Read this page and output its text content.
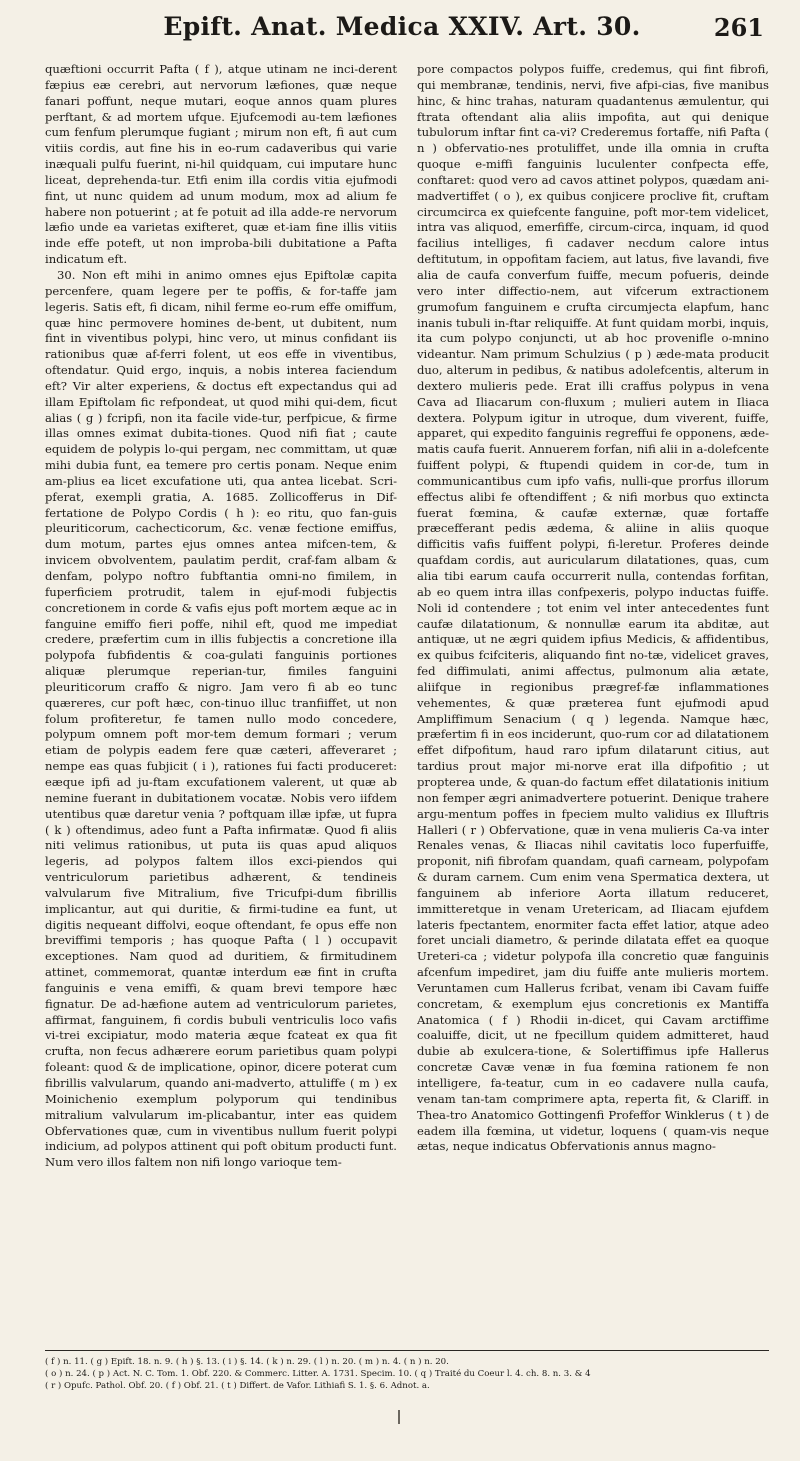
Epift. Anat. Medica XXIV. Art. 30.	261

quæftioni occurrit Pafta ( f ), atque utinam ne inci-derent fæpius eæ cerebri, aut nervorum læfiones, quæ neque fanari poffunt, neque mutari, eoque annos quam plures perftant, & ad mortem ufque. Ejufcemodi au-tem læfiones cum fenfum plerumque fugiant ; mirum non eft, fi aut cum vitiis cordis, aut fine his in eo-rum cadaveribus qui varie inæquali pulfu fuerint, ni-hil quidquam, cui imputare hunc liceat, deprehenda-tur. Etfi enim illa cordis vitia ejufmodi fint, ut nunc quidem ad unum modum, mox ad alium fe habere non potuerint ; at fe potuit ad illa adde-re nervorum læfio unde ea varietas exifteret, quæ et-iam fine illis vitiis inde effe poteft, ut non improba-bili dubitatione a Pafta indicatum eft.

30. Non eft mihi in animo omnes ejus Epiftolæ capita percenfere, quam legere per te poffis, & for-taffe jam legeris. Satis eft, fi dicam, nihil ferme eo-rum effe omiffum, quæ hinc permovere homines de-bent, ut dubitent, num fint in viventibus polypi, hinc vero, ut minus confidant iis rationibus quæ af-ferri folent, ut eos effe in viventibus, oftendatur. Quid ergo, inquis, a nobis interea faciendum eft? Vir alter experiens, & doctus eft expectandus qui ad illam Epiftolam fic refpondeat, ut quod mihi qui-dem, ficut alias ( g ) fcripfi, non ita facile vide-tur, perfpicue, & firme illas omnes eximat dubita-tiones. Quod nifi fiat ; caute equidem de polypis lo-qui pergam, nec committam, ut quæ mihi dubia funt, ea temere pro certis ponam. Neque enim am-plius ea licet excufatione uti, qua antea licebat. Scri-pferat, exempli gratia, A. 1685. Zollicofferus in Dif-fertatione de Polypo Cordis ( h ): eo ritu, quo fan-guis pleuriticorum, cachecticorum, &c. venæ fectione emiffus, dum motum, partes ejus omnes antea mifcen-tem, & invicem obvolventem, paulatim perdit, craf-fam albam & denfam, polypo noftro fubftantia omni-no fimilem, in fuperficiem protrudit, talem in ejuf-modi fubjectis concretionem in corde & vafis ejus poft mortem æque ac in fanguine emiffo fieri poffe, nihil eft, quod me impediat credere, præfertim cum in illis fubjectis a concretione illa polypofa fubfidentis & coa-gulati fanguinis portiones aliquæ plerumque reperian-tur, fimiles fanguini pleuriticorum craffo & nigro. Jam vero fi ab eo tunc quæreres, cur poft hæc, con-tinuo illuc tranfiiffet, ut non folum profiteretur, fe tamen nullo modo concedere, polypum omnem poft mor-tem demum formari ; verum etiam de polypis eadem fere quæ cæteri, affeveraret ; nempe eas quas fubjicit ( i ), rationes fui facti produceret: eæque ipfi ad ju-ftam excufationem valerent, ut quæ ab nemine fuerant in dubitationem vocatæ. Nobis vero iifdem utentibus quæ daretur venia ? poftquam illæ ipfæ, ut fupra ( k ) oftendimus, adeo funt a Pafta infirmatæ. Quod fi aliis niti velimus rationibus, ut puta iis quas apud aliquos legeris, ad polypos faltem illos exci-piendos qui ventriculorum parietibus adhærent, & tendineis valvularum five Mitralium, five Tricufpi-dum fibrillis implicantur, aut qui duritie, & firmi-tudine ea funt, ut digitis nequeant diffolvi, eoque oftendant, fe opus effe non breviffimi temporis ; has quoque Pafta ( l ) occupavit exceptiones. Nam quod ad duritiem, & firmitudinem attinet, commemorat, quantæ interdum eæ fint in crufta fanguinis e vena emiffi, & quam brevi tempore hæc fignatur. De ad-hæfione autem ad ventriculorum parietes, affirmat, fanguinem, fi cordis bubuli ventriculis loco vafis vi-trei excipiatur, modo materia æque fcateat ex qua fit crufta, non fecus adhærere eorum parietibus quam polypi foleant: quod & de implicatione, opinor, dicere poterat cum fibrillis valvularum, quando ani-madverto, attuliffe ( m ) ex Moinichenio exemplum polyporum qui tendinibus mitralium valvularum im-plicabantur, inter eas quidem Obfervationes quæ, cum in viventibus nullum fuerit polypi indicium, ad polypos attinent qui poft obitum producti funt. Num vero illos faltem non nifi longo varioque tem-

pore compactos polypos fuiffe, credemus, qui fint fibrofi, qui membranæ, tendinis, nervi, five afpi-cias, five manibus hinc, & hinc trahas, naturam quadantenus æmulentur, qui ftrata oftendant alia aliis impofita, aut qui denique tubulorum inftar fint ca-vi? Crederemus fortaffe, nifi Pafta ( n ) obfervatio-nes protuliffet, unde illa omnia in crufta quoque e-miffi fanguinis luculenter confpecta effe, conftaret: quod vero ad cavos attinet polypos, quædam ani-madvertiffet ( o ), ex quibus conjicere proclive fit, cruftam circumcirca ex quiefcente fanguine, poft mor-tem videlicet, intra vas aliquod, emerfiffe, circum-circa, inquam, id quod facilius intelliges, fi cadaver necdum calore intus deftitutum, in oppofitam faciem, aut latus, five lavandi, five alia de caufa converfum fuiffe, mecum pofueris, deinde vero inter diffectio-nem, aut vifcerum extractionem grumofum fanguinem e crufta circumjecta elapfum, hanc inanis tubuli in-ftar reliquiffe. At funt quidam morbi, inquis, ita cum polypo conjuncti, ut ab hoc provenifle o-mnino videantur. Nam primum Schulzius ( p ) æde-mata producit duo, alterum in pedibus, & natibus adolefcentis, alterum in dextero mulieris pede. Erat illi craffus polypus in vena Cava ad Iliacarum con-fluxum ; mulieri autem in Iliaca dextera. Polypum igitur in utroque, dum viverent, fuiffe, apparet, qui expedito fanguinis regreffui fe opponens, æde-matis caufa fuerit. Annuerem forfan, nifi alii in a-dolefcente fuiffent polypi, & ftupendi quidem in cor-de, tum in communicantibus cum ipfo vafis, nulli-que prorfus illorum effectus alibi fe oftendiffent ; & nifi morbus quo extincta fuerat fœmina, & caufæ externæ, quæ fortaffe præcefferant pedis ædema, & aliine in aliis quoque difficitis vafis fuiffent polypi, fi-leretur. Proferes deinde quafdam cordis, aut auricularum dilatationes, quas, cum alia tibi earum caufa occurrerit nulla, contendas forfitan, ab eo quem intra illas confpexeris, polypo inductas fuiffe. Noli id contendere ; tot enim vel inter antecedentes funt caufæ dilatationum, & nonnullæ earum ita abditæ, aut antiquæ, ut ne ægri quidem ipfius Medicis, & affidentibus, ex quibus fcifciteris, aliquando fint no-tæ, videlicet graves, fed diffimulati, animi affectus, pulmonum alia ætate, aliifque in regionibus prægref-fæ inflammationes vehementes, & quæ præterea funt ejufmodi apud Ampliffimum Senacium ( q ) legenda. Namque hæc, præfertim fi in eos inciderunt, quo-rum cor ad dilatationem effet difpofitum, haud raro ipfum dilatarunt citius, aut tardius prout major mi-norve erat illa difpofitio ; ut propterea unde, & quan-do factum effet dilatationis initium non femper ægri animadvertere potuerint. Denique trahere argu-mentum poffes in fpeciem multo validius ex Illuftris Halleri ( r ) Obfervatione, quæ in vena mulieris Ca-va inter Renales venas, & Iliacas nihil cavitatis loco fuperfuiffe, proponit, nifi fibrofam quandam, quafi carneam, polypofam & duram carnem. Cum enim vena Spermatica dextera, ut fanguinem ab inferiore Aorta illatum reduceret, immitteretque in venam Uretericam, ad Iliacam ejufdem lateris fpectantem, enormiter facta effet latior, atque adeo foret unciali diametro, & perinde dilatata effet ea quoque Ureteri-ca ; videtur polypofa illa concretio quæ fanguinis afcenfum impediret, jam diu fuiffe ante mulieris mortem. Veruntamen cum Hallerus fcribat, venam ibi Cavam fuiffe concretam, & exemplum ejus concretionis ex Mantiffa Anatomica ( f ) Rhodii in-dicet, qui Cavam arctiffime coaluiffe, dicit, ut ne fpecillum quidem admitteret, haud dubie ab exulcera-tione, & Solertiffimus ipfe Hallerus concretæ Cavæ venæ in fua fœmina rationem fe non intelligere, fa-teatur, cum in eo cadavere nulla caufa, venam tan-tam comprimere apta, reperta fit, & Clariff. in Thea-tro Anatomico Gottingenfi Profeffor Winklerus ( t ) de eadem illa fœmina, ut videtur, loquens ( quam-vis neque ætas, neque indicatus Obfervationis annus magno-

( f ) n. 11. ( g ) Epift. 18. n. 9. ( h ) §. 13. ( i ) §. 14. ( k ) n. 29. ( l ) n. 20. ( m ) n. 4. ( n ) n. 20.
( o ) n. 24. ( p ) Act. N. C. Tom. 1. Obf. 220. & Commerc. Litter. A. 1731. Specim. 10. ( q ) Traité du Coeur l. 4. ch. 8. n. 3. & 4
( r ) Opufc. Pathol. Obf. 20. ( f ) Obf. 21. ( t ) Differt. de Vafor. Lithiafi S. 1. §. 6. Adnot. a.
